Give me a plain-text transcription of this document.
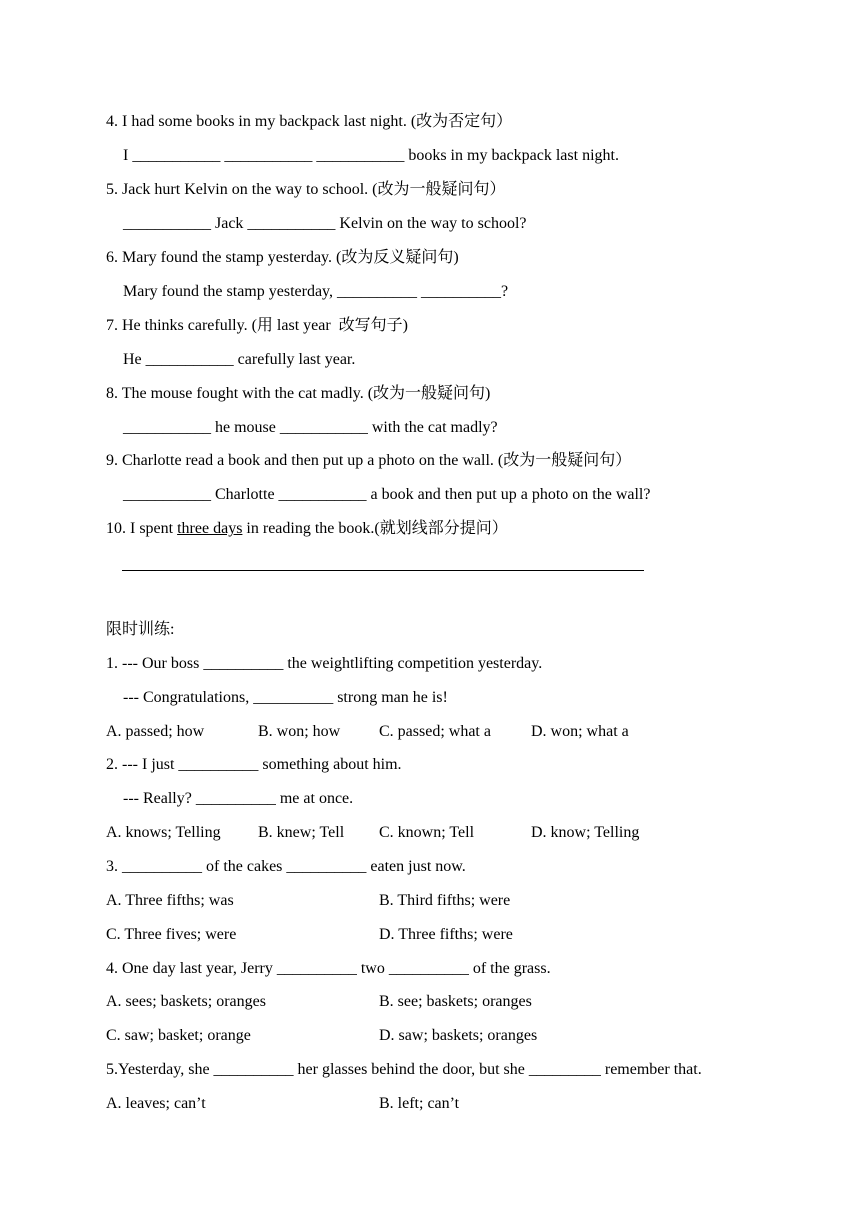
4. I had some books in my backpack last night. (改为否定句）
I ___________ ___________ ___________ books in my backpack last night.
5. Jack hurt Kelvin on the way to school. (改为一般疑问句）
___________ Jack ___________ Kelvin on the way to school?
6. Mary found the stamp yesterday. (改为反义疑问句)
Mary found the stamp yesterday, __________ __________?
7. He thinks carefully. (用 last year  改写句子)
He ___________ carefully last year.
8. The mouse fought with the cat madly. (改为一般疑问句)
___________ he mouse ___________ with the cat madly?
9. Charlotte read a book and then put up a photo on the wall. (改为一般疑问句）
___________ Charlotte ___________ a book and then put up a photo on the wall?
10. I spent three days in reading the book.(就划线部分提问）
限时训练:
1. --- Our boss __________ the weightlifting competition yesterday.
--- Congratulations, __________ strong man he is!
A. passed; how	B. won; how C. passed; what a	D. won; what a
2. --- I just __________ something about him.
--- Really? __________ me at once.
A. knows; Telling B. knew; Tell C. known; Tell	D. know; Telling
3. __________ of the cakes __________ eaten just now.
A. Three fifths; was	B. Third fifths; were
C. Three fives; were	D. Three fifths; were
4. One day last year, Jerry __________ two __________ of the grass.
A. sees; baskets; oranges	B. see; baskets; oranges
C. saw; basket; orange	D. saw; baskets; oranges
5.Yesterday, she __________ her glasses behind the door, but she _________ remember that.
A. leaves; can’t	B. left; can’t
